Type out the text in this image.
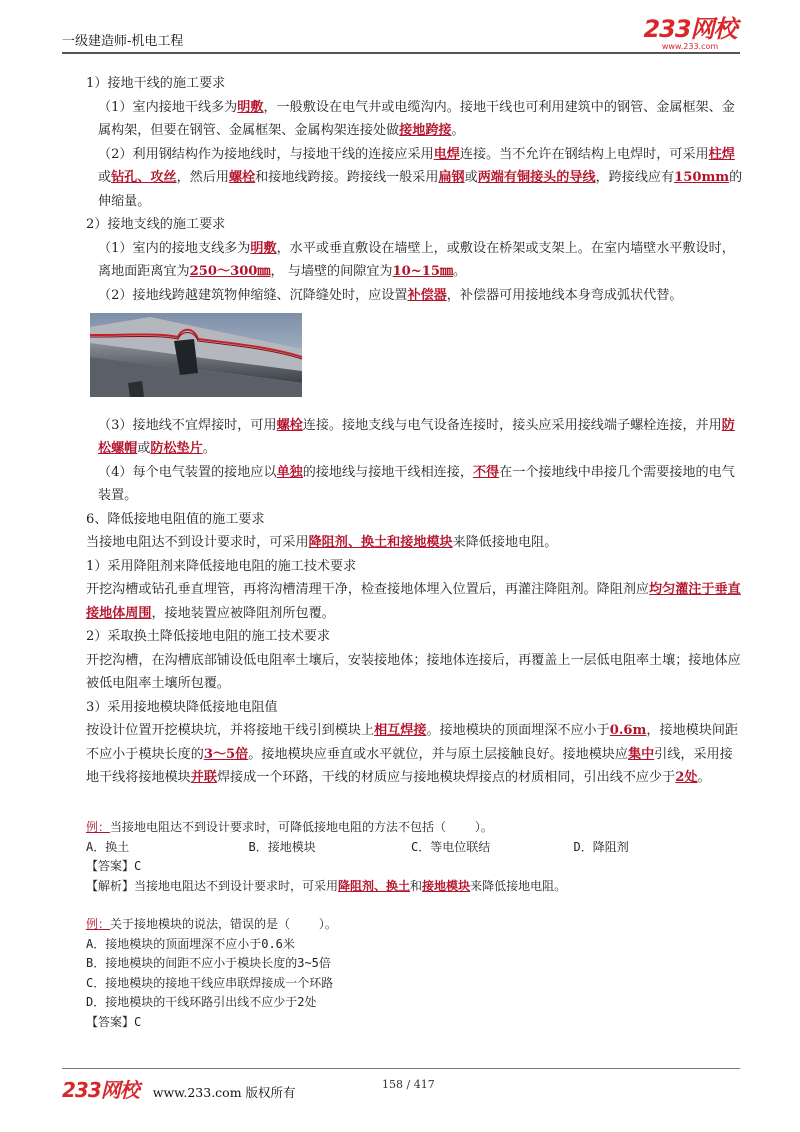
一级建造师-机电工程	233网校
www.233.com

1）接地干线的施工要求

（1）室内接地干线多为明敷，一般敷设在电气井或电缆沟内。接地干线也可利用建筑中的钢管、金属框架、金属构架，但要在钢管、金属框架、金属构架连接处做接地跨接。

（2）利用钢结构作为接地线时，与接地干线的连接应采用电焊连接。当不允许在钢结构上电焊时，可采用柱焊或钻孔、攻丝，然后用螺栓和接地线跨接。跨接线一般采用扁钢或两端有铜接头的导线，跨接线应有150mm的伸缩量。

2）接地支线的施工要求

（1）室内的接地支线多为明敷，水平或垂直敷设在墙壁上，或敷设在桥架或支架上。在室内墙壁水平敷设时，离地面距离宜为250～300㎜， 与墙壁的间隙宜为10~15㎜。

（2）接地线跨越建筑物伸缩缝、沉降缝处时，应设置补偿器，补偿器可用接地线本身弯成弧状代替。

（3）接地线不宜焊接时，可用螺栓连接。接地支线与电气设备连接时，接头应采用接线端子螺栓连接，并用防松螺帽或防松垫片。

（4）每个电气装置的接地应以单独的接地线与接地干线相连接，不得在一个接地线中串接几个需要接地的电气装置。

6、降低接地电阻值的施工要求

当接地电阻达不到设计要求时，可采用降阻剂、换土和接地模块来降低接地电阻。

1）采用降阻剂来降低接地电阻的施工技术要求

开挖沟槽或钻孔垂直埋管，再将沟槽清理干净，检查接地体埋入位置后，再灌注降阻剂。降阻剂应均匀灌注于垂直接地体周围，接地装置应被降阻剂所包覆。

2）采取换土降低接地电阻的施工技术要求

开挖沟槽，在沟槽底部铺设低电阻率土壤后，安装接地体；接地体连接后，再覆盖上一层低电阻率土壤；接地体应被低电阻率土壤所包覆。

3）采用接地模块降低接地电阻值

按设计位置开挖模块坑，并将接地干线引到模块上相互焊接。接地模块的顶面埋深不应小于0.6m，接地模块间距不应小于模块长度的3～5倍。接地模块应垂直或水平就位，并与原土层接触良好。接地模块应集中引线，采用接地干线将接地模块并联焊接成一个环路，干线的材质应与接地模块焊接点的材质相同，引出线不应少于2处。

例：当接地电阻达不到设计要求时，可降低接地电阻的方法不包括（    ）。

A．换土	B．接地模块	C．等电位联结	D．降阻剂

【答案】C

【解析】当接地电阻达不到设计要求时，可采用降阻剂、换土和接地模块来降低接地电阻。

例：关于接地模块的说法，错误的是（    ）。

A．接地模块的顶面埋深不应小于0.6米

B．接地模块的间距不应小于模块长度的3~5倍

C．接地模块的接地干线应串联焊接成一个环路

D．接地模块的干线环路引出线不应少于2处

【答案】C

233网校 www.233.com 版权所有
158 / 417
